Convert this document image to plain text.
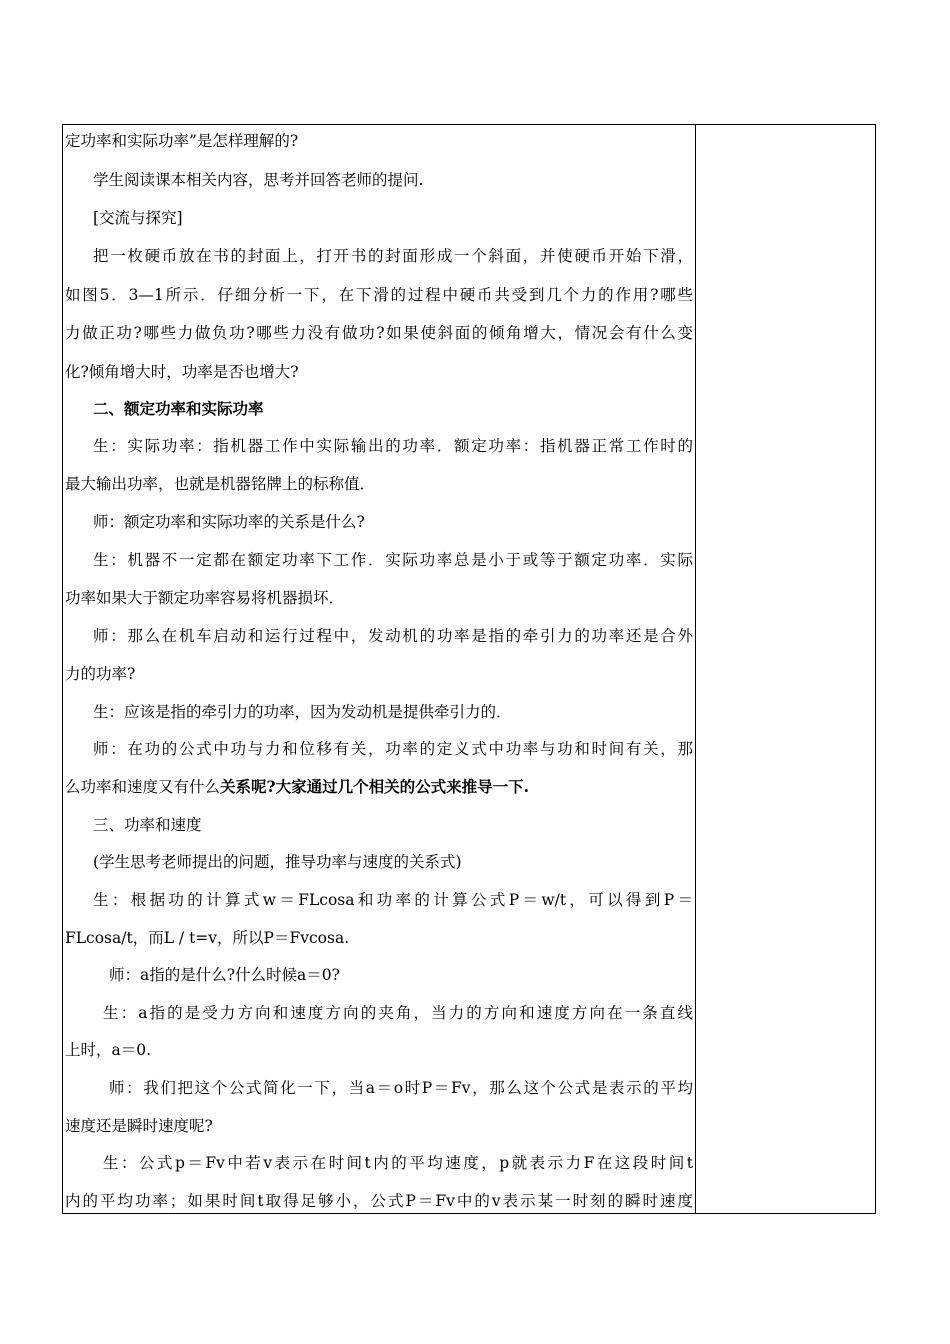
定功率和实际功率”是怎样理解的?
学生阅读课本相关内容，思考并回答老师的提问.
[交流与探究]
把一枚硬币放在书的封面上，打开书的封面形成一个斜面，并使硬币开始下滑，
如图5．3—1所示．仔细分析一下，在下滑的过程中硬币共受到几个力的作用?哪些
力做正功?哪些力做负功?哪些力没有做功?如果使斜面的倾角增大，情况会有什么变
化?倾角增大时，功率是否也增大?
二、额定功率和实际功率
生：实际功率：指机器工作中实际输出的功率．额定功率：指机器正常工作时的
最大输出功率，也就是机器铭牌上的标称值．
师：额定功率和实际功率的关系是什么?
生：机器不一定都在额定功率下工作．实际功率总是小于或等于额定功率．实际
功率如果大于额定功率容易将机器损坏．
师：那么在机车启动和运行过程中，发动机的功率是指的牵引力的功率还是合外
力的功率?
生：应该是指的牵引力的功率，因为发动机是提供牵引力的．
师：在功的公式中功与力和位移有关，功率的定义式中功率与功和时间有关，那
么功率和速度又有什么关系呢?大家通过几个相关的公式来推导一下.
三、功率和速度
(学生思考老师提出的问题，推导功率与速度的关系式)
生：根据功的计算式w＝FLcosa和功率的计算公式P＝w/t，可以得到P＝
FLcosa/t，而L / t=v，所以P＝Fvcosa.
师：a指的是什么?什么时候a＝0?
生：a指的是受力方向和速度方向的夹角，当力的方向和速度方向在一条直线
上时，a＝0.
师：我们把这个公式简化一下，当a＝o时P＝Fv，那么这个公式是表示的平均
速度还是瞬时速度呢?
生：公式p＝Fv中若v表示在时间t内的平均速度，p就表示力F在这段时间t
内的平均功率；如果时间t取得足够小，公式P＝Fv中的v表示某一时刻的瞬时速度
